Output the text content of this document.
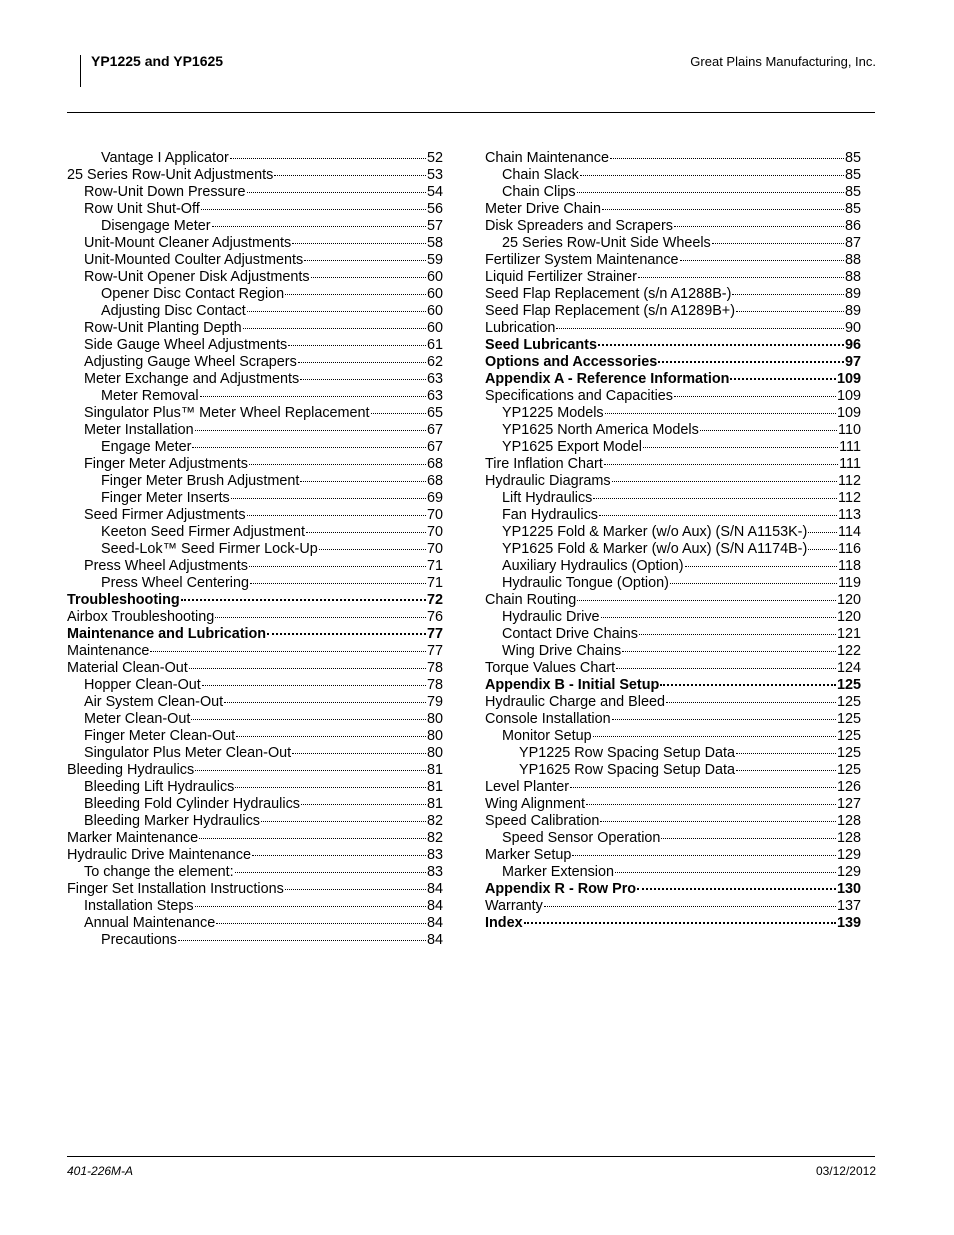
YP1225 and YP1625	Great Plains Manufacturing, Inc.
Vantage I Applicator	52
25 Series Row-Unit Adjustments	53
Row-Unit Down Pressure	54
Row Unit Shut-Off	56
Disengage Meter	57
Unit-Mount Cleaner Adjustments	58
Unit-Mounted Coulter Adjustments	59
Row-Unit Opener Disk Adjustments	60
Opener Disc Contact Region	60
Adjusting Disc Contact	60
Row-Unit Planting Depth	60
Side Gauge Wheel Adjustments	61
Adjusting Gauge Wheel Scrapers	62
Meter Exchange and Adjustments	63
Meter Removal	63
Singulator Plus™ Meter Wheel Replacement	65
Meter Installation	67
Engage Meter	67
Finger Meter Adjustments	68
Finger Meter Brush Adjustment	68
Finger Meter Inserts	69
Seed Firmer Adjustments	70
Keeton Seed Firmer Adjustment	70
Seed-Lok™ Seed Firmer Lock-Up	70
Press Wheel Adjustments	71
Press Wheel Centering	71
Troubleshooting	72
Airbox Troubleshooting	76
Maintenance and Lubrication	77
Maintenance	77
Material Clean-Out	78
Hopper Clean-Out	78
Air System Clean-Out	79
Meter Clean-Out	80
Finger Meter Clean-Out	80
Singulator Plus Meter Clean-Out	80
Bleeding Hydraulics	81
Bleeding Lift Hydraulics	81
Bleeding Fold Cylinder Hydraulics	81
Bleeding Marker Hydraulics	82
Marker Maintenance	82
Hydraulic Drive Maintenance	83
To change the element:	83
Finger Set Installation Instructions	84
Installation Steps	84
Annual Maintenance	84
Precautions	84
Chain Maintenance	85
Chain Slack	85
Chain Clips	85
Meter Drive Chain	85
Disk Spreaders and Scrapers	86
25 Series Row-Unit Side Wheels	87
Fertilizer System Maintenance	88
Liquid Fertilizer Strainer	88
Seed Flap Replacement (s/n A1288B-)	89
Seed Flap Replacement (s/n A1289B+)	89
Lubrication	90
Seed Lubricants	96
Options and Accessories	97
Appendix A - Reference Information	109
Specifications and Capacities	109
YP1225 Models	109
YP1625 North America Models	110
YP1625 Export Model	111
Tire Inflation Chart	111
Hydraulic Diagrams	112
Lift Hydraulics	112
Fan Hydraulics	113
YP1225 Fold & Marker (w/o Aux) (S/N A1153K-) 114
YP1625 Fold & Marker (w/o Aux) (S/N A1174B-) 116
Auxiliary Hydraulics (Option)	118
Hydraulic Tongue (Option)	119
Chain Routing	120
Hydraulic Drive	120
Contact Drive Chains	121
Wing Drive Chains	122
Torque Values Chart	124
Appendix B - Initial Setup	125
Hydraulic Charge and Bleed	125
Console Installation	125
Monitor Setup	125
YP1225 Row Spacing Setup Data	125
YP1625 Row Spacing Setup Data	125
Level Planter	126
Wing Alignment	127
Speed Calibration	128
Speed Sensor Operation	128
Marker Setup	129
Marker Extension	129
Appendix R - Row Pro	130
Warranty	137
Index	139
401-226M-A	03/12/2012
